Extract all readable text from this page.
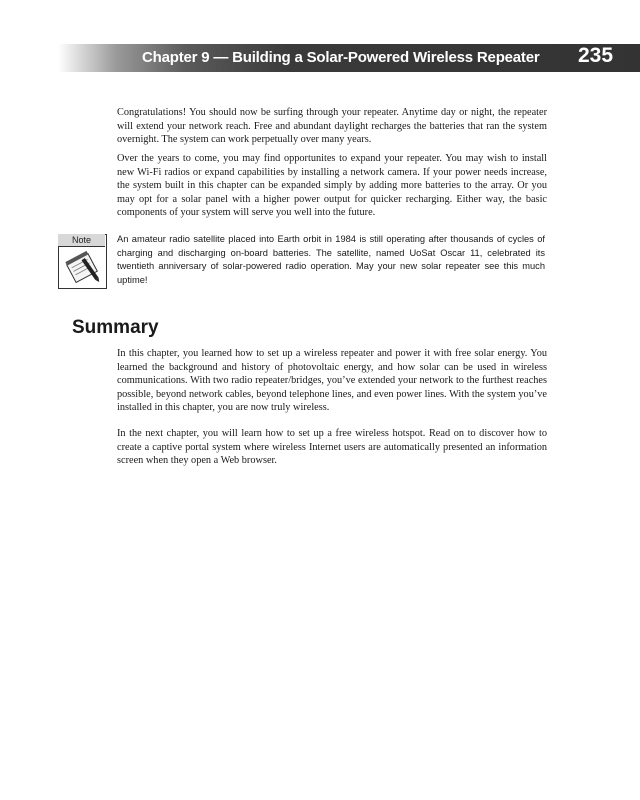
Chapter 9 — Building a Solar-Powered Wireless Repeater 235

Congratulations! You should now be surfing through your repeater. Anytime day or night, the repeater will extend your network reach. Free and abundant daylight recharges the batteries that ran the system overnight. The system can work perpetually over many years.

Over the years to come, you may find opportunites to expand your repeater. You may wish to install new Wi-Fi radios or expand capabilities by installing a network camera. If your power needs increase, the system built in this chapter can be expanded simply by adding more batteries to the array. Or you may opt for a solar panel with a higher power output for quicker recharging. Either way, the basic components of your system will serve you well into the future.

Note	An amateur radio satellite placed into Earth orbit in 1984 is still operating after thousands of cycles of charging and discharging on-board batteries. The satellite, named UoSat Oscar 11, celebrated its twentieth anniversary of solar-powered radio operation. May your new solar repeater see this much uptime!

Summary

In this chapter, you learned how to set up a wireless repeater and power it with free solar energy. You learned the background and history of photovoltaic energy, and how solar can be used in wireless communications. With two radio repeater/bridges, you’ve extended your network to the furthest reaches possible, beyond network cables, beyond telephone lines, and even power lines. With the system you’ve installed in this chapter, you are now truly wireless.

In the next chapter, you will learn how to set up a free wireless hotspot. Read on to discover how to create a captive portal system where wireless Internet users are automatically presented an information screen when they open a Web browser.
